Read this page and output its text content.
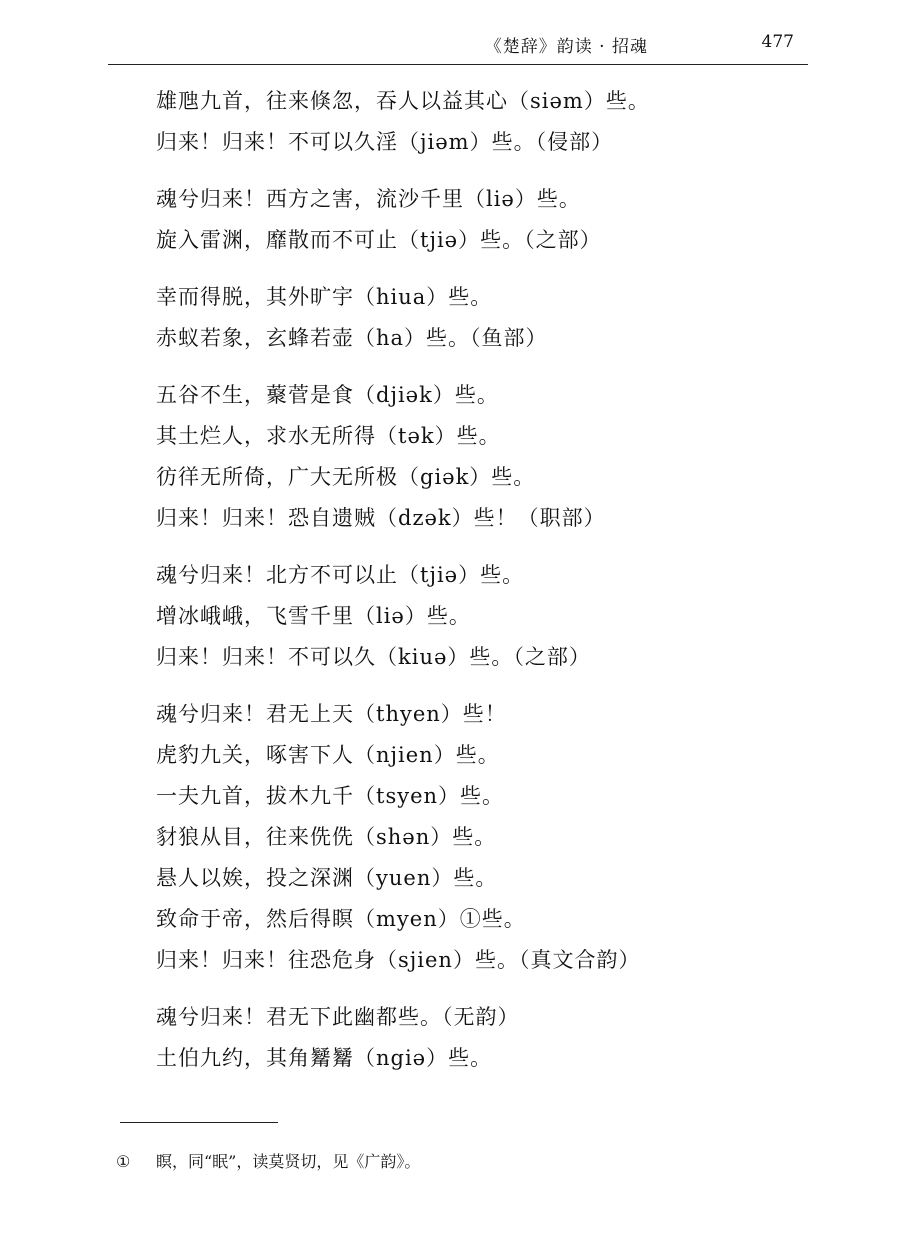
《楚辞》韵读 · 招魂	477
雄虺九首，往来倏忽，吞人以益其心（siəm）些。
归来！归来！不可以久淫（jiəm）些。（侵部）
魂兮归来！西方之害，流沙千里（liə）些。
旋入雷渊，靡散而不可止（tjiə）些。（之部）
幸而得脱，其外旷宇（hiua）些。
赤蚁若象，玄蜂若壶（ha）些。（鱼部）
五谷不生，藂菅是食（djiək）些。
其土烂人，求水无所得（tək）些。
彷徉无所倚，广大无所极（giək）些。
归来！归来！恐自遗贼（dzək）些！（职部）
魂兮归来！北方不可以止（tjiə）些。
增冰峨峨，飞雪千里（liə）些。
归来！归来！不可以久（kiuə）些。（之部）
魂兮归来！君无上天（thyen）些！
虎豹九关，啄害下人（njien）些。
一夫九首，拔木九千（tsyen）些。
豺狼从目，往来侁侁（shən）些。
悬人以娭，投之深渊（yuen）些。
致命于帝，然后得瞑（myen）①些。
归来！归来！往恐危身（sjien）些。（真文合韵）
魂兮归来！君无下此幽都些。（无韵）
土伯九约，其角觺觺（ngiə）些。
① 瞑，同“眠”，读莫贤切，见《广韵》。
